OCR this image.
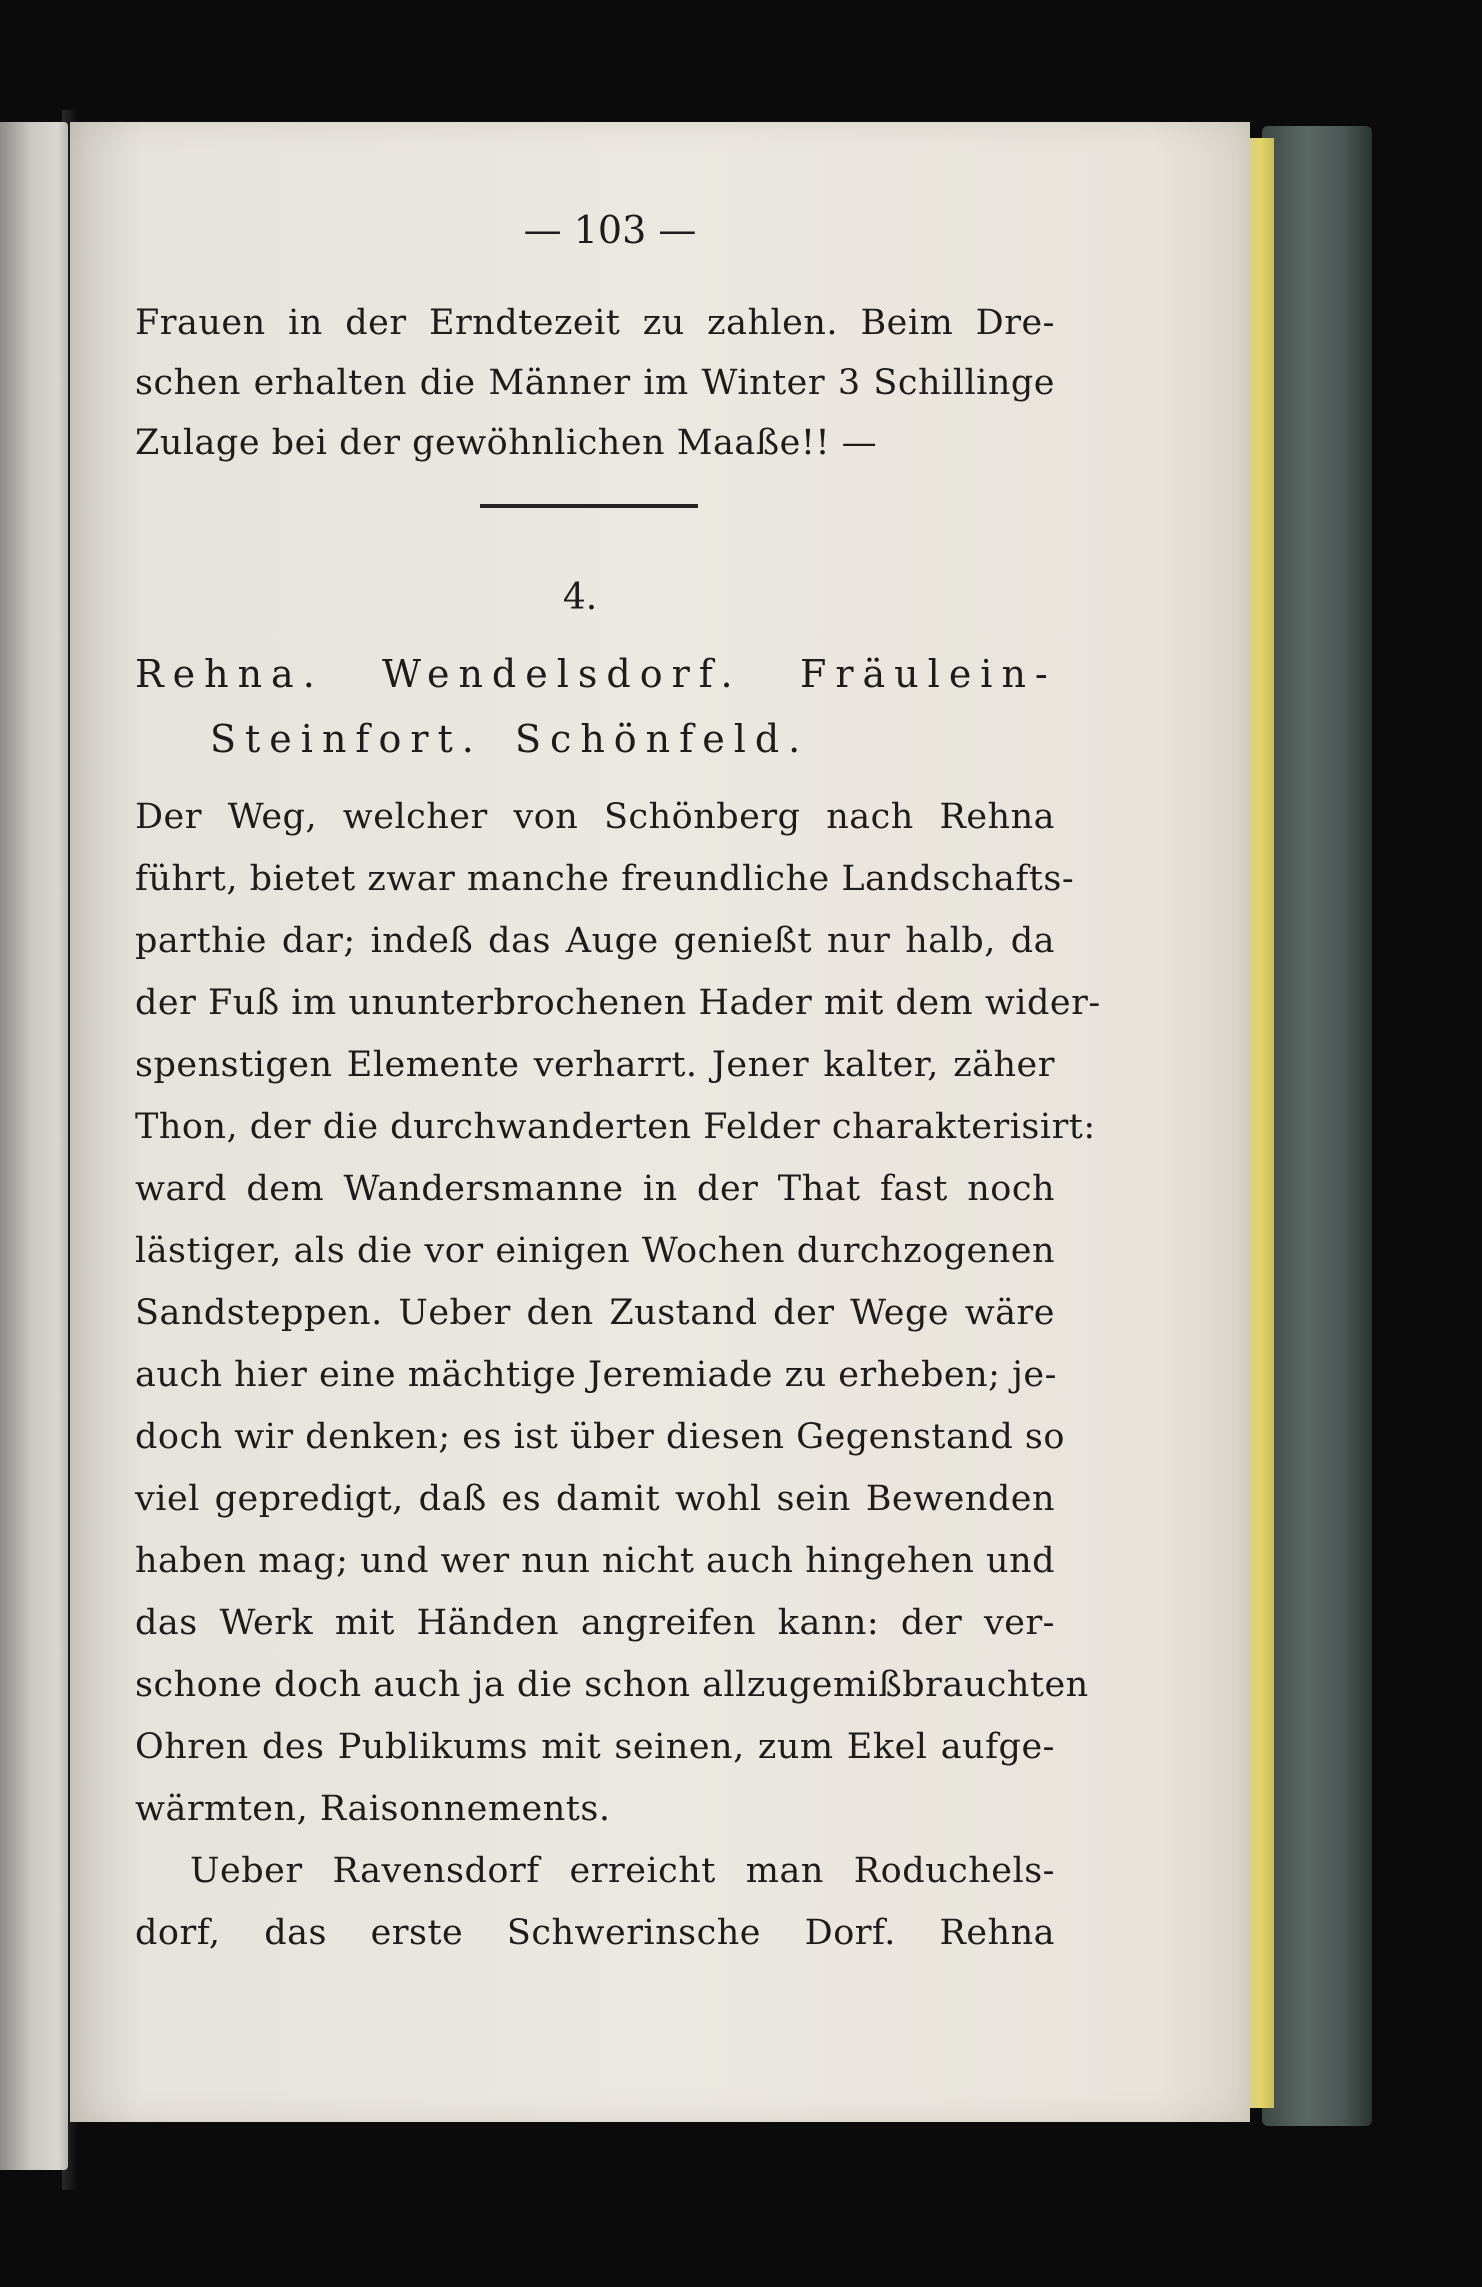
— 103 —
Frauen in der Erndtezeit zu zahlen. Beim Dre-
schen erhalten die Männer im Winter 3 Schillinge
Zulage bei der gewöhnlichen Maaße!! —
4.
Rehna. Wendelsdorf. Fräulein-
Steinfort. Schönfeld.
Der Weg, welcher von Schönberg nach Rehna
führt, bietet zwar manche freundliche Landschafts-
parthie dar; indeß das Auge genießt nur halb, da
der Fuß im ununterbrochenen Hader mit dem wider-
spenstigen Elemente verharrt. Jener kalter, zäher
Thon, der die durchwanderten Felder charakterisirt:
ward dem Wandersmanne in der That fast noch
lästiger, als die vor einigen Wochen durchzogenen
Sandsteppen. Ueber den Zustand der Wege wäre
auch hier eine mächtige Jeremiade zu erheben; je-
doch wir denken; es ist über diesen Gegenstand so
viel gepredigt, daß es damit wohl sein Bewenden
haben mag; und wer nun nicht auch hingehen und
das Werk mit Händen angreifen kann: der ver-
schone doch auch ja die schon allzugemißbrauchten
Ohren des Publikums mit seinen, zum Ekel aufge-
wärmten, Raisonnements.
Ueber Ravensdorf erreicht man Roduchels-
dorf, das erste Schwerinsche Dorf. Rehna
